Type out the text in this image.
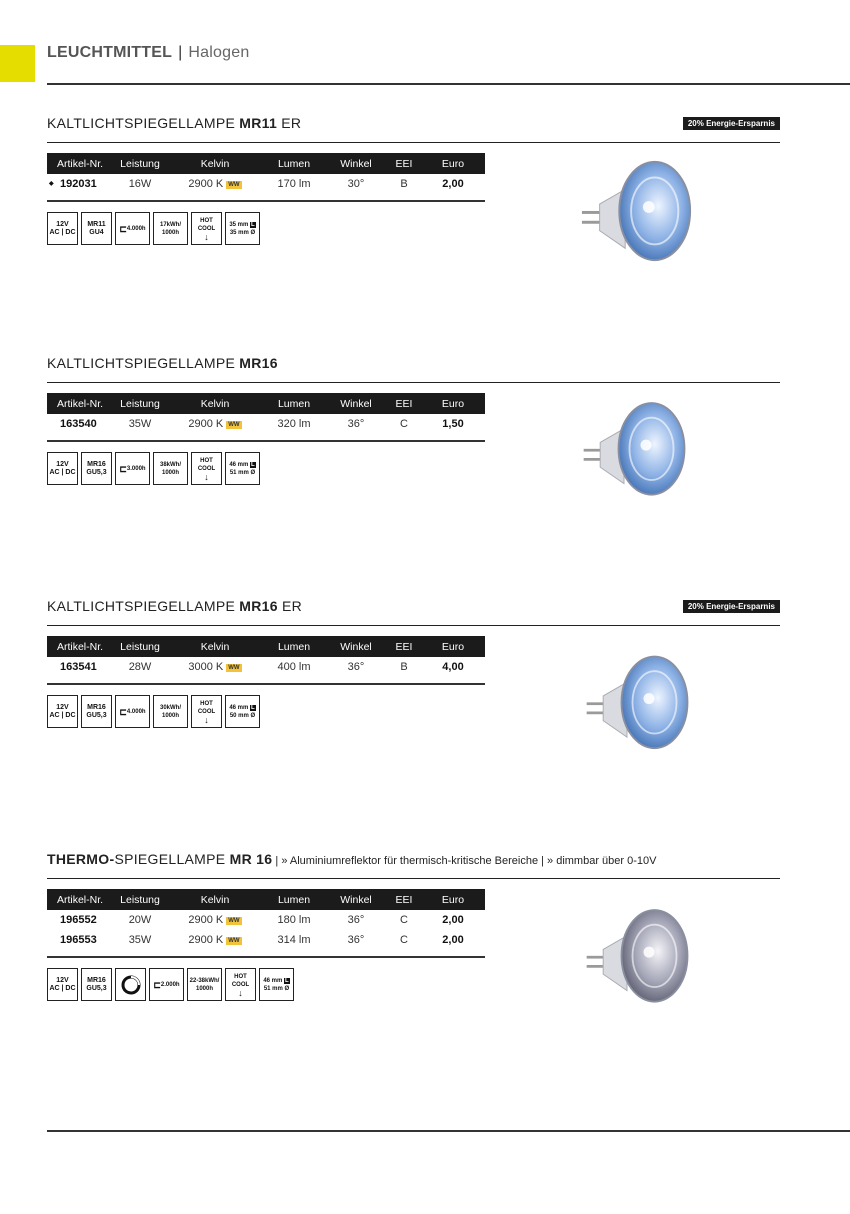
LEUCHTMITTEL | Halogen
KALTLICHTSPIEGELLAMPE MR11 ER	20% Energie-Ersparnis
Artikel-Nr.	Leistung	Kelvin	Lumen	Winkel	EEI	Euro

◆ 192031	16W	2900 K WW	170 lm	30°	B	2,00
12V
AC | DC
MR11
GU4 ⊏ 4.000h
17kWh/
1000h
HOT
COOL
↓
35 mm L
35 mm Ø
KALTLICHTSPIEGELLAMPE MR16
Artikel-Nr.	Leistung	Kelvin	Lumen	Winkel	EEI	Euro
163540	35W	2900 K WW	320 lm	36°	C	1,50
12V
AC | DC
MR16
GU5,3 ⊏ 3.000h
38kWh/
1000h
HOT
COOL
↓
46 mm L
51 mm Ø
KALTLICHTSPIEGELLAMPE MR16 ER	20% Energie-Ersparnis
Artikel-Nr.	Leistung	Kelvin	Lumen	Winkel	EEI	Euro
163541	28W	3000 K WW	400 lm	36°	B	4,00
12V
AC | DC
MR16
GU5,3 ⊏ 4.000h
30kWh/
1000h
HOT
COOL
↓
46 mm L
50 mm Ø
THERMO-SPIEGELLAMPE MR 16 | » Aluminiumreflektor für thermisch-kritische Bereiche | » dimmbar über 0-10V
Artikel-Nr.	Leistung	Kelvin	Lumen	Winkel	EEI	Euro
196552	20W	2900 K WW	180 lm	36°	C	2,00
196553	35W	2900 K WW	314 lm	36°	C	2,00
12V
AC | DC
MR16
GU5,3	⊏ 2.000h
22-38kWh/
1000h
HOT
COOL
↓
46 mm L
51 mm Ø
